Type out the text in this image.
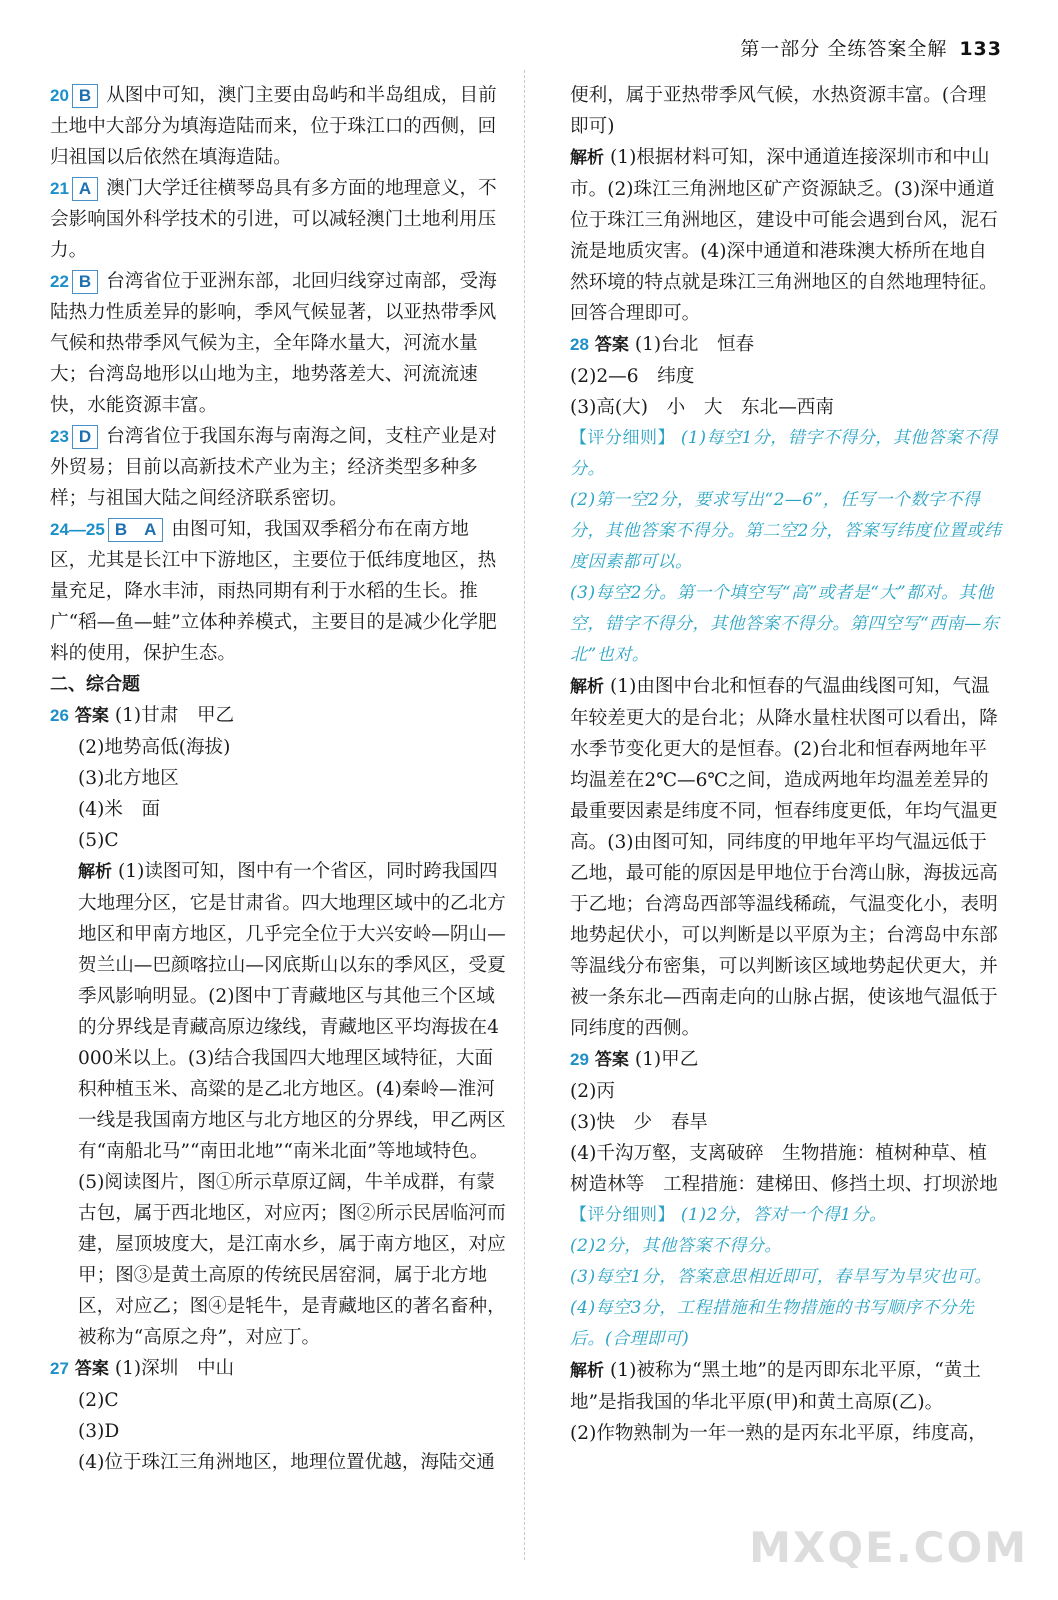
第一部分 全练答案全解 133

20 B 从图中可知，澳门主要由岛屿和半岛组成，目前土地中大部分为填海造陆而来，位于珠江口的西侧，回归祖国以后依然在填海造陆。

21 A 澳门大学迁往横琴岛具有多方面的地理意义，不会影响国外科学技术的引进，可以减轻澳门土地利用压力。

22 B 台湾省位于亚洲东部，北回归线穿过南部，受海陆热力性质差异的影响，季风气候显著，以亚热带季风气候和热带季风气候为主，全年降水量大，河流水量大；台湾岛地形以山地为主，地势落差大、河流流速快，水能资源丰富。

23 D 台湾省位于我国东海与南海之间，支柱产业是对外贸易；目前以高新技术产业为主；经济类型多种多样；与祖国大陆之间经济联系密切。

24—25 B　A 由图可知，我国双季稻分布在南方地区，尤其是长江中下游地区，主要位于低纬度地区，热量充足，降水丰沛，雨热同期有利于水稻的生长。推广“稻—鱼—蛙”立体种养模式，主要目的是减少化学肥料的使用，保护生态。

二、综合题

26 答案 (1)甘肃　甲乙

(2)地势高低(海拔)

(3)北方地区

(4)米　面

(5)C

解析 (1)读图可知，图中有一个省区，同时跨我国四大地理分区，它是甘肃省。四大地理区域中的乙北方地区和甲南方地区，几乎完全位于大兴安岭—阴山—贺兰山—巴颜喀拉山—冈底斯山以东的季风区，受夏季风影响明显。(2)图中丁青藏地区与其他三个区域的分界线是青藏高原边缘线，青藏地区平均海拔在4 000米以上。(3)结合我国四大地理区域特征，大面积种植玉米、高粱的是乙北方地区。(4)秦岭—淮河一线是我国南方地区与北方地区的分界线，甲乙两区有“南船北马”“南田北地”“南米北面”等地域特色。(5)阅读图片，图①所示草原辽阔，牛羊成群，有蒙古包，属于西北地区，对应丙；图②所示民居临河而建，屋顶坡度大，是江南水乡，属于南方地区，对应甲；图③是黄土高原的传统民居窑洞，属于北方地区，对应乙；图④是牦牛，是青藏地区的著名畜种，被称为“高原之舟”，对应丁。

27 答案 (1)深圳　中山

(2)C

(3)D

(4)位于珠江三角洲地区，地理位置优越，海陆交通

便利，属于亚热带季风气候，水热资源丰富。(合理即可)

解析 (1)根据材料可知，深中通道连接深圳市和中山市。(2)珠江三角洲地区矿产资源缺乏。(3)深中通道位于珠江三角洲地区，建设中可能会遇到台风，泥石流是地质灾害。(4)深中通道和港珠澳大桥所在地自然环境的特点就是珠江三角洲地区的自然地理特征。回答合理即可。

28 答案 (1)台北　恒春

(2)2—6　纬度

(3)高(大)　小　大　东北—西南

【评分细则】 (1)每空1分，错字不得分，其他答案不得分。

(2)第一空2分，要求写出“2—6”，任写一个数字不得分，其他答案不得分。第二空2分，答案写纬度位置或纬度因素都可以。

(3)每空2分。第一个填空写“高”或者是“大”都对。其他空，错字不得分，其他答案不得分。第四空写“西南—东北”也对。

解析 (1)由图中台北和恒春的气温曲线图可知，气温年较差更大的是台北；从降水量柱状图可以看出，降水季节变化更大的是恒春。(2)台北和恒春两地年平均温差在2℃—6℃之间，造成两地年均温差差异的最重要因素是纬度不同，恒春纬度更低，年均气温更高。(3)由图可知，同纬度的甲地年平均气温远低于乙地，最可能的原因是甲地位于台湾山脉，海拔远高于乙地；台湾岛西部等温线稀疏，气温变化小，表明地势起伏小，可以判断是以平原为主；台湾岛中东部等温线分布密集，可以判断该区域地势起伏更大，并被一条东北—西南走向的山脉占据，使该地气温低于同纬度的西侧。

29 答案 (1)甲乙

(2)丙

(3)快　少　春旱

(4)千沟万壑，支离破碎　生物措施：植树种草、植树造林等　工程措施：建梯田、修挡土坝、打坝淤地

【评分细则】 (1)2分，答对一个得1分。

(2)2分，其他答案不得分。

(3)每空1分，答案意思相近即可，春旱写为旱灾也可。

(4)每空3分，工程措施和生物措施的书写顺序不分先后。(合理即可)

解析 (1)被称为“黑土地”的是丙即东北平原，“黄土地”是指我国的华北平原(甲)和黄土高原(乙)。

(2)作物熟制为一年一熟的是丙东北平原，纬度高，

MXQE.COM
